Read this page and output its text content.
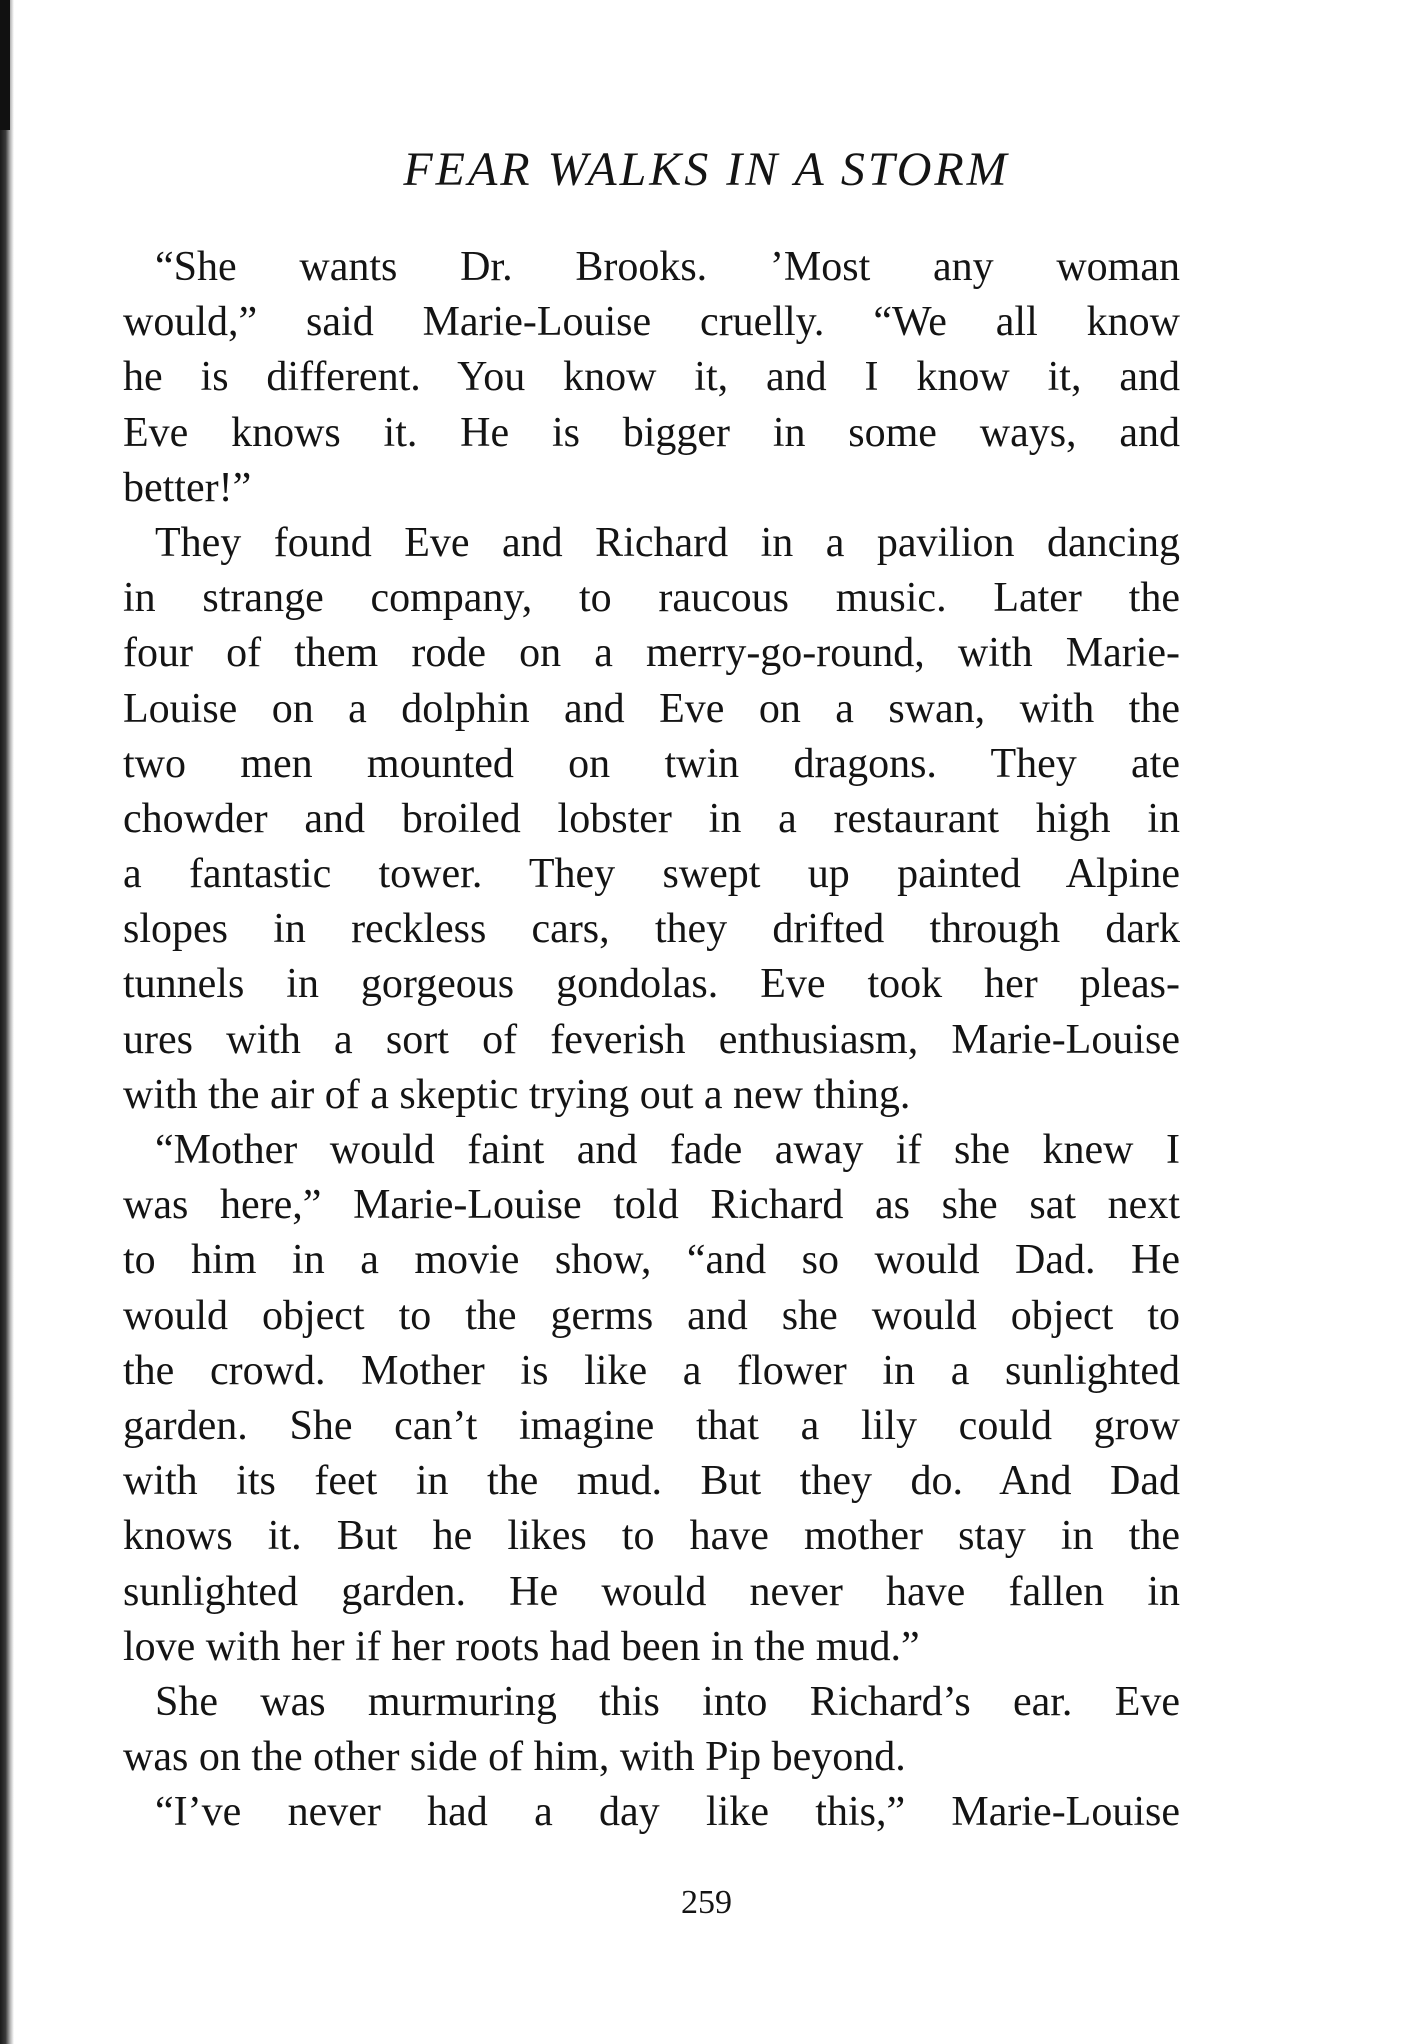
FEAR WALKS IN A STORM
“She wants Dr. Brooks. ’Most any woman
would,” said Marie-Louise cruelly. “We all know
he is different. You know it, and I know it, and
Eve knows it. He is bigger in some ways, and
better!”
They found Eve and Richard in a pavilion dancing
in strange company, to raucous music. Later the
four of them rode on a merry-go-round, with Marie-
Louise on a dolphin and Eve on a swan, with the
two men mounted on twin dragons. They ate
chowder and broiled lobster in a restaurant high in
a fantastic tower. They swept up painted Alpine
slopes in reckless cars, they drifted through dark
tunnels in gorgeous gondolas. Eve took her pleas-
ures with a sort of feverish enthusiasm, Marie-Louise
with the air of a skeptic trying out a new thing.
“Mother would faint and fade away if she knew I
was here,” Marie-Louise told Richard as she sat next
to him in a movie show, “and so would Dad. He
would object to the germs and she would object to
the crowd. Mother is like a flower in a sunlighted
garden. She can’t imagine that a lily could grow
with its feet in the mud. But they do. And Dad
knows it. But he likes to have mother stay in the
sunlighted garden. He would never have fallen in
love with her if her roots had been in the mud.”
She was murmuring this into Richard’s ear. Eve
was on the other side of him, with Pip beyond.
“I’ve never had a day like this,” Marie-Louise
259
